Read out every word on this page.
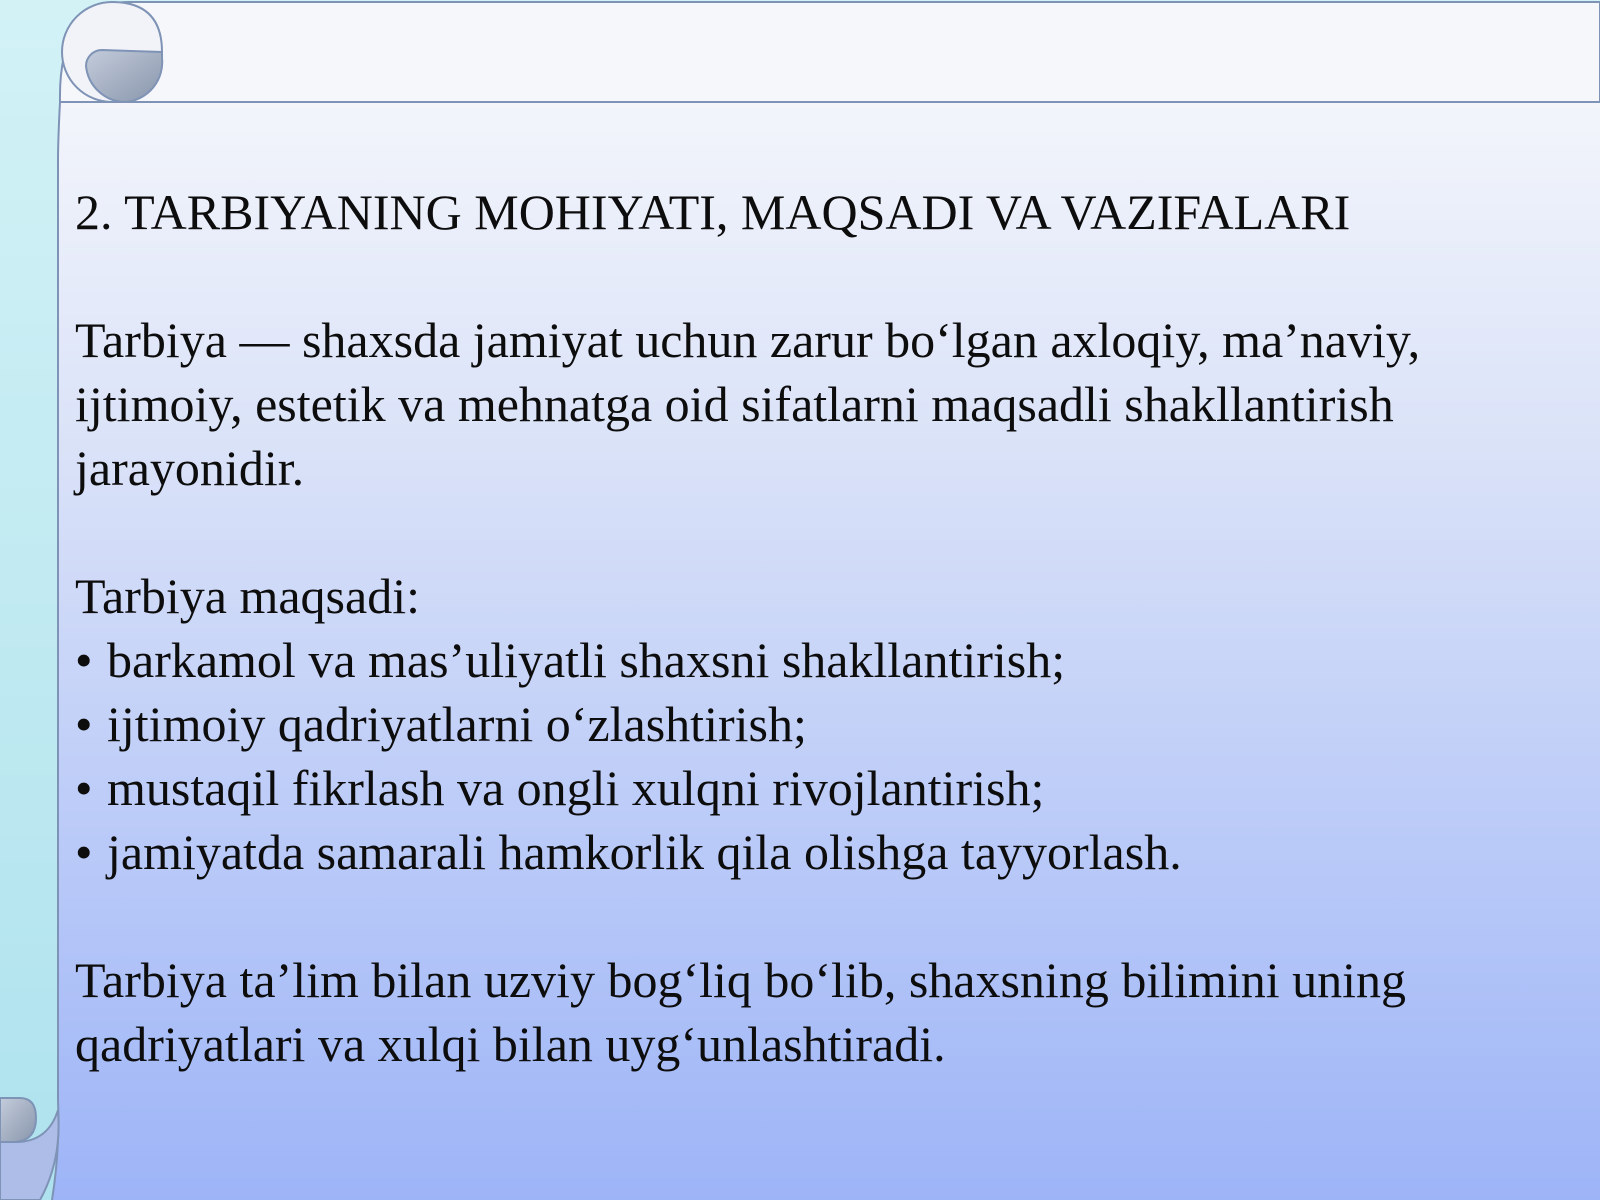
2. TARBIYANING MOHIYATI, MAQSADI VA VAZIFALARI

Tarbiya — shaxsda jamiyat uchun zarur bo‘lgan axloqiy, ma’naviy, ijtimoiy, estetik va mehnatga oid sifatlarni maqsadli shakllantirish jarayonidir.

Tarbiya maqsadi:

• barkamol va mas’uliyatli shaxsni shakllantirish;
• ijtimoiy qadriyatlarni o‘zlashtirish;
• mustaqil fikrlash va ongli xulqni rivojlantirish;
• jamiyatda samarali hamkorlik qila olishga tayyorlash.

Tarbiya ta’lim bilan uzviy bog‘liq bo‘lib, shaxsning bilimini uning qadriyatlari va xulqi bilan uyg‘unlashtiradi.
